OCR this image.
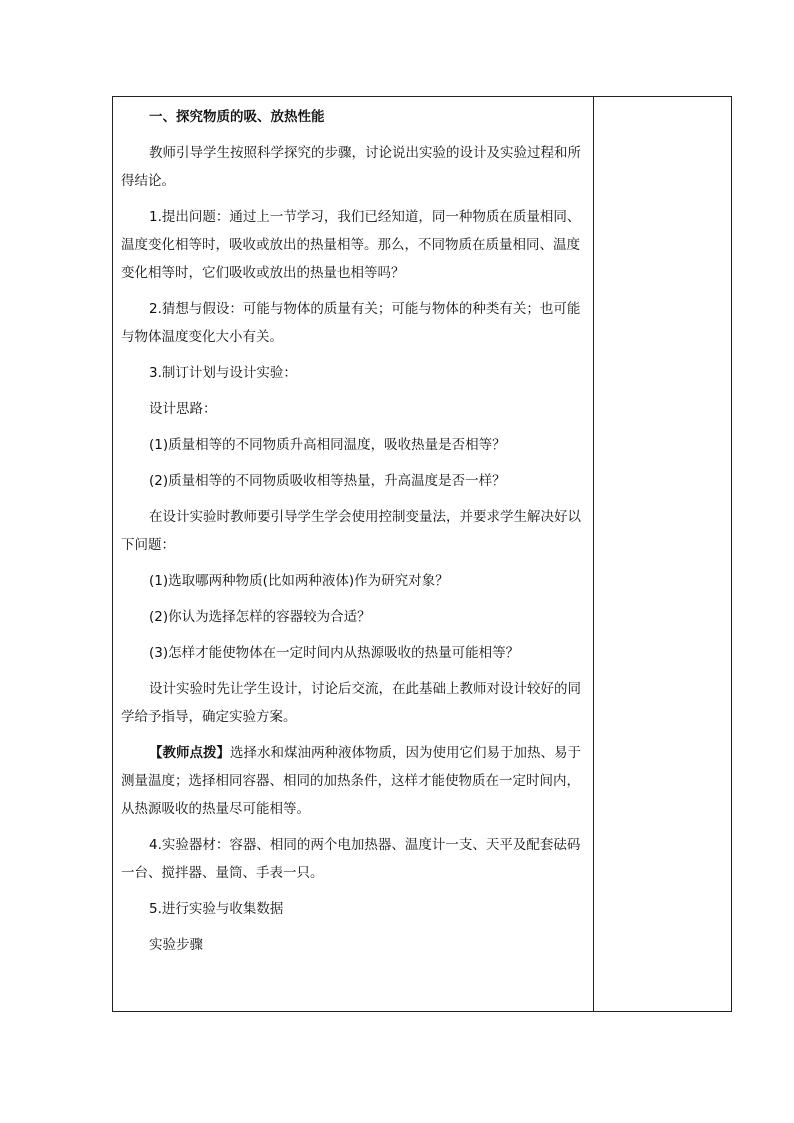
一、探究物质的吸、放热性能

教师引导学生按照科学探究的步骤，讨论说出实验的设计及实验过程和所得结论。

1.提出问题：通过上一节学习，我们已经知道，同一种物质在质量相同、温度变化相等时，吸收或放出的热量相等。那么，不同物质在质量相同、温度变化相等时，它们吸收或放出的热量也相等吗？

2.猜想与假设：可能与物体的质量有关；可能与物体的种类有关；也可能与物体温度变化大小有关。

3.制订计划与设计实验：

设计思路：

(1)质量相等的不同物质升高相同温度，吸收热量是否相等？

(2)质量相等的不同物质吸收相等热量，升高温度是否一样？

在设计实验时教师要引导学生学会使用控制变量法，并要求学生解决好以下问题：

(1)选取哪两种物质(比如两种液体)作为研究对象？

(2)你认为选择怎样的容器较为合适？

(3)怎样才能使物体在一定时间内从热源吸收的热量可能相等？

设计实验时先让学生设计，讨论后交流，在此基础上教师对设计较好的同学给予指导，确定实验方案。

【教师点拨】选择水和煤油两种液体物质，因为使用它们易于加热、易于测量温度；选择相同容器、相同的加热条件，这样才能使物质在一定时间内，从热源吸收的热量尽可能相等。

4.实验器材：容器、相同的两个电加热器、温度计一支、天平及配套砝码一台、搅拌器、量筒、手表一只。

5.进行实验与收集数据

实验步骤
